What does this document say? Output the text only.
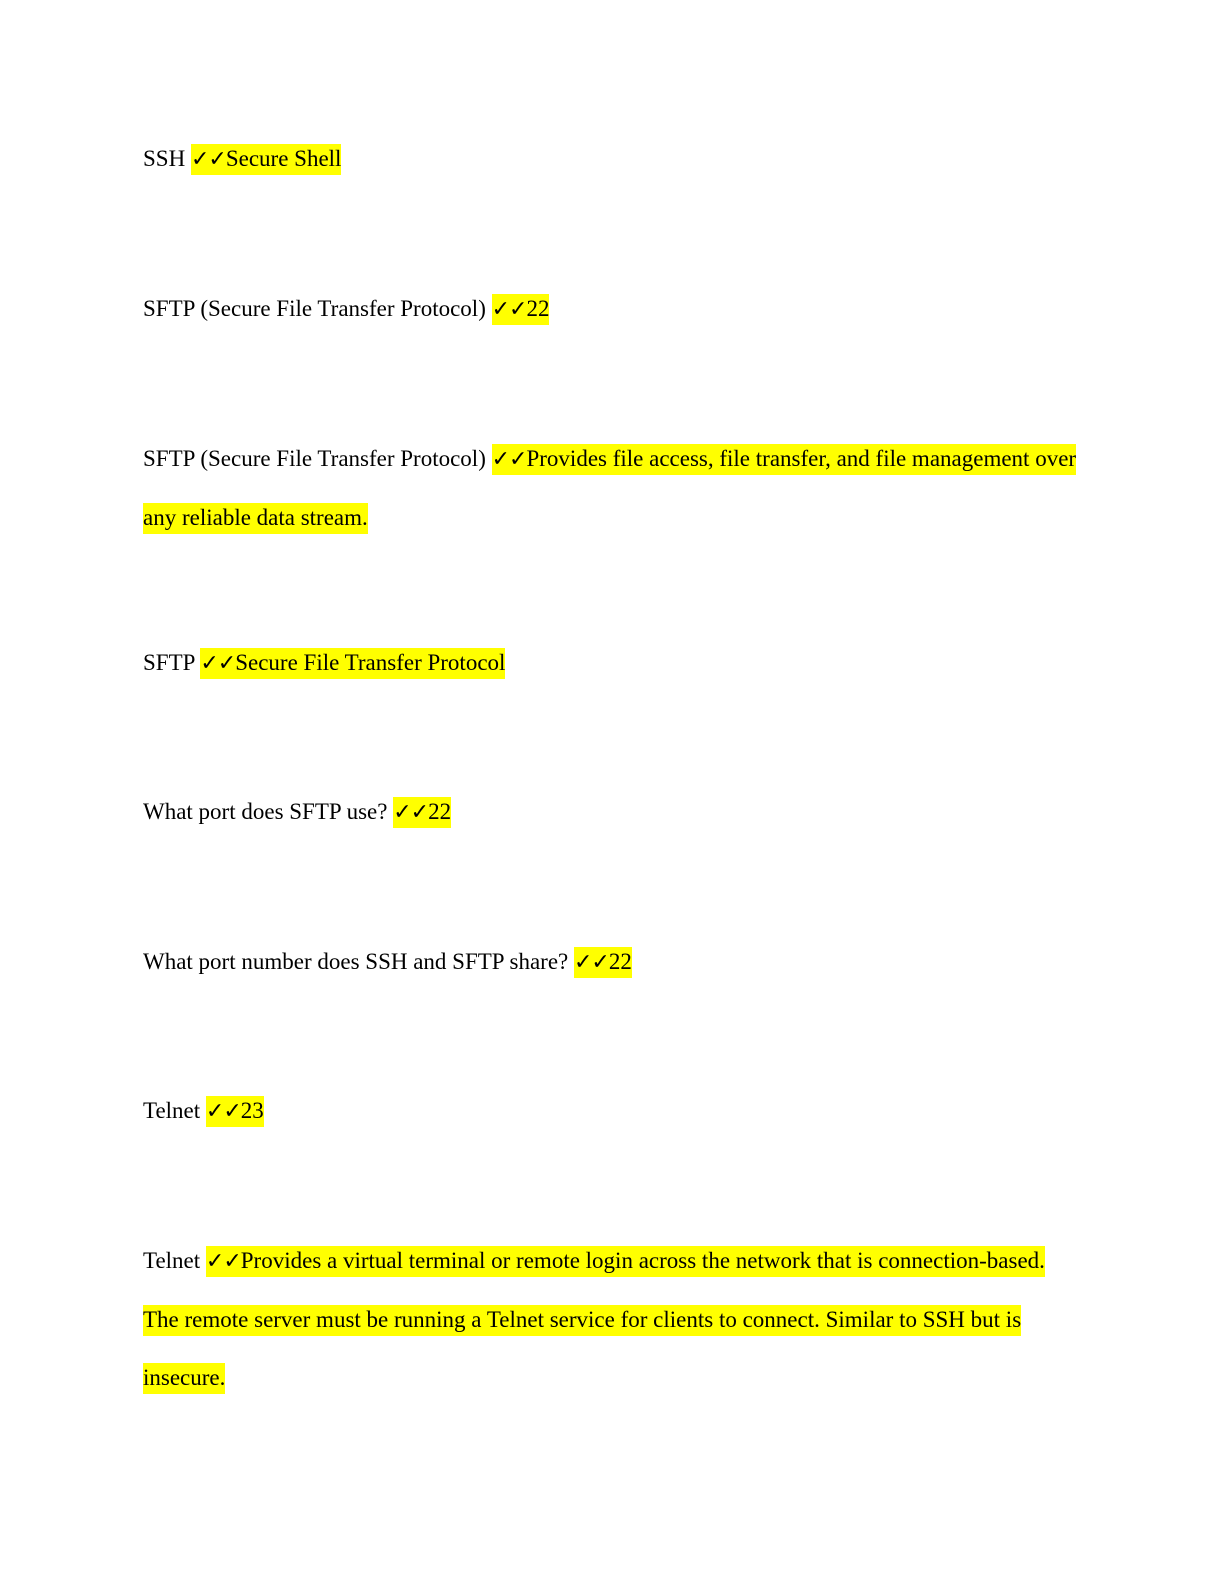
SSH ✓✓Secure Shell

SFTP (Secure File Transfer Protocol) ✓✓22

SFTP (Secure File Transfer Protocol) ✓✓Provides file access, file transfer, and file management over any reliable data stream.

SFTP ✓✓Secure File Transfer Protocol

What port does SFTP use? ✓✓22

What port number does SSH and SFTP share? ✓✓22

Telnet ✓✓23

Telnet ✓✓Provides a virtual terminal or remote login across the network that is connection-based. The remote server must be running a Telnet service for clients to connect. Similar to SSH but is insecure.
